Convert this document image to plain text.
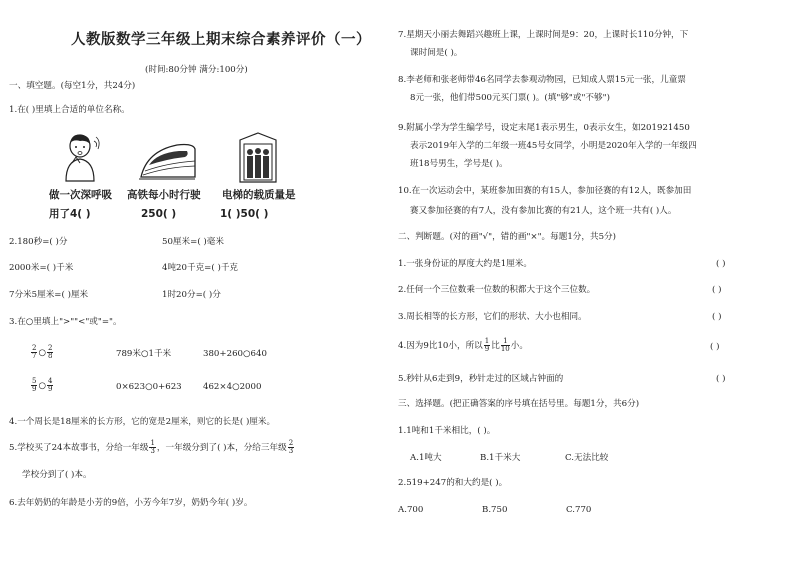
人教版数学三年级上期末综合素养评价（一）
(时间:80分钟 满分:100分)
一、填空题。(每空1分，共24分)
1.在( )里填上合适的单位名称。
做一次深呼吸 高铁每小时行驶 电梯的载质量是
用了4( )	250( )	1( )50( )
2.180秒=( )分	50厘米=( )毫米
2000米=( )千米	4吨20千克=( )千克
7分米5厘米=( )厘米	1时20分=( )分
3.在○里填上">""<"或"="。
$\frac{2}{7}$ ○ $\frac{2}{8}$	789米○1千米	380+260○640
$\frac{5}{9}$ ○ $\frac{4}{9}$	0×623○0+623 462×4○2000
4.一个周长是18厘米的长方形，它的宽是2厘米，则它的长是( )厘米。
5.学校买了24本故事书，分给一年级 $\frac{1}{3}$ ，一年级分到了( )本，分给三年级 $\frac{2}{3}$
学校分到了( )本。
6.去年奶奶的年龄是小芳的9倍，小芳今年7岁，奶奶今年( )岁。
7.星期天小丽去舞蹈兴趣班上课，上课时间是9：20，上课时长110分钟，下
课时间是( )。
8.李老师和张老师带46名同学去参观动物园，已知成人票15元一张，儿童票
8元一张，他们带500元买门票( )。(填"够"或"不够")
9.附属小学为学生编学号，设定末尾1表示男生，0表示女生，如201921450
表示2019年入学的二年级一班45号女同学，小明是2020年入学的一年级四
班18号男生，学号是( )。
10.在一次运动会中，某班参加田赛的有15人，参加径赛的有12人，既参加田
赛又参加径赛的有7人，没有参加比赛的有21人，这个班一共有( )人。
二、判断题。(对的画"√"，错的画"×"。每题1分，共5分)
1.一张身份证的厚度大约是1厘米。	( )
2.任何一个三位数乘一位数的积都大于这个三位数。	( )
3.周长相等的长方形，它们的形状、大小也相同。	( )
4.因为9比10小，所以 $\frac{1}{9}$ 比 $\frac{1}{10}$ 小。	( )
5.秒针从6走到9，秒针走过的区域占钟面的	( )
三、选择题。(把正确答案的序号填在括号里。每题1分，共6分)
1.1吨和1千米相比，( )。
A.1吨大	B.1千米大	C.无法比较
2.519+247的和大约是( )。
A.700	B.750	C.770
